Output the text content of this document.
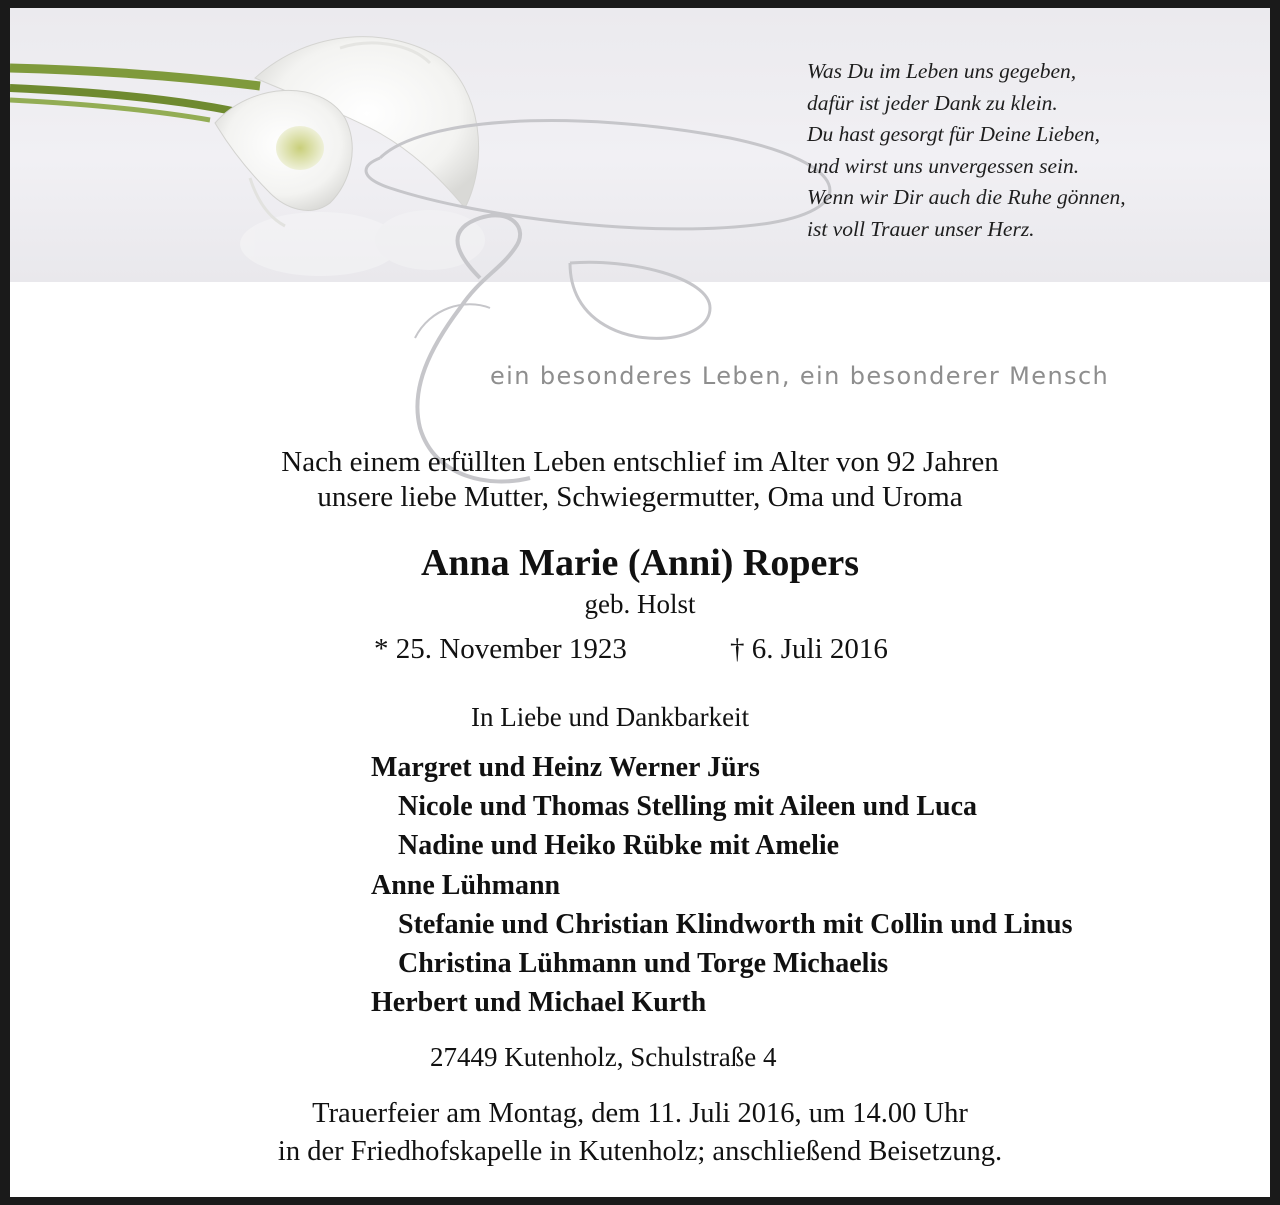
Was Du im Leben uns gegeben,
dafür ist jeder Dank zu klein.
Du hast gesorgt für Deine Lieben,
und wirst uns unvergessen sein.
Wenn wir Dir auch die Ruhe gönnen,
ist voll Trauer unser Herz.
ein besonderes Leben, ein besonderer Mensch
Nach einem erfüllten Leben entschlief im Alter von 92 Jahren
unsere liebe Mutter, Schwiegermutter, Oma und Uroma
Anna Marie (Anni) Ropers
geb. Holst
* 25. November 1923	† 6. Juli 2016
In Liebe und Dankbarkeit
Margret und Heinz Werner Jürs
Nicole und Thomas Stelling mit Aileen und Luca
Nadine und Heiko Rübke mit Amelie
Anne Lühmann
Stefanie und Christian Klindworth mit Collin und Linus
Christina Lühmann und Torge Michaelis
Herbert und Michael Kurth
27449 Kutenholz, Schulstraße 4
Trauerfeier am Montag, dem 11. Juli 2016, um 14.00 Uhr
in der Friedhofskapelle in Kutenholz; anschließend Beisetzung.
